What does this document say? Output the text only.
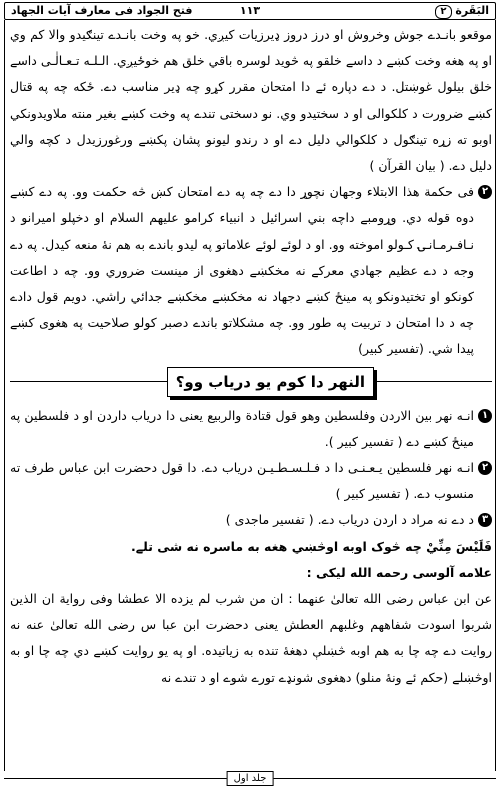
فتح الجواد فی معارف آیات الجهاد	۱۱۳	البَقَرة ٢

موقعو بانـدے جوش وخروش او درز دروز ډیرزیات کیږي. خو په وخت بانـدے تینګیدو والا کم وي او په هغه وخت کښے د داسے خلقو په څوید لوسره باقي خلق هم خوځیږي. الـلـه تـعـالٰـی داسے خلق بیلول غوښتل. د دے دپاره ئے دا امتحان مقرر کړو چه ډیر مناسب دے. ځکه چه په قتال کښے ضرورت د کلکوالی او د سختیدو وي. نو دسختی تندے په وخت کښے بغیر منته ملاویدونکي اوبو ته زړه تینګول د کلکوالي دلیل دے او د رندو لیونو پشان پکښے ورغورزیدل د کچه والي دلیل دے. ( بیان القرآن )

٢
فی حکمة هذا الابتلاء وجهان نچوړ دا دے چه په دے امتحان کښ څه حکمت وو. په دے کښے دوه قوله دي. وړومبے داچه بني اسرائیل د انبیاء کرامو علیهم السلام او دخپلو امیرانو د نـافـرمـانـۍ کـولو اموخته وو. او د لوئے لوئے علاماتو په لیدو باندے به هم نۀ منعه کیدل. په دے وجه د دے عظیم جهادي معرکے نه مخکښے دهغوی از مینست ضروري وو. چه د اطاعت کونکو او تختیدونکو په مینځ کښے دجهاد نه مخکښے مخکښے جدائي راشي. دویم قول دادے چه د دا امتحان د تربیت په طور وو. چه مشکلاتو باندے دصبر کولو صلاحیت په هغوی کښے پیدا شي. (تفسیر کبیر)
النهر دا کوم یو دریاب وو؟
١
انـه نهر بین الاردن وفلسطین وهو قول قتادة والربیع یعنی دا دریاب داردن او د فلسطین په مینځ کښے دے ( تفسیر کبیر ).
٢
انـه نهر فلسطین یـعـنـی دا د فـلـسـطـیـن دریاب دے. دا قول دحضرت ابن عباس طرف ته منسوب دے. ( تفسیر کبیر )
٣
د دے نه مراد د اردن دریاب دے. ( تفسیر ماجدی )

فَلَيْسَ مِنِّيْ چه څوک اوبه اوڅښي هغه به ماسره نه شی تلے.

علامه آلوسی رحمه الله لیکی :

عن ابن عباس رضی الله تعالیٰ عنهما : ان من شرب لم یزده الا عطشا وفی روایة ان الذین شربوا اسودت شفاههم وغلبهم العطش یعنی دحضرت ابن عبا س رضی الله تعالیٰ عنه نه روایت دے چه چا به هم اوبه څښلې دهغۀ تنده به زیاتیده. او په یو روایت کښے دي چه چا او به اوڅښلے (حکم ئے ونۀ منلو) دهغوی شونډے تورے شوے او د تندے نه

جلد اول
